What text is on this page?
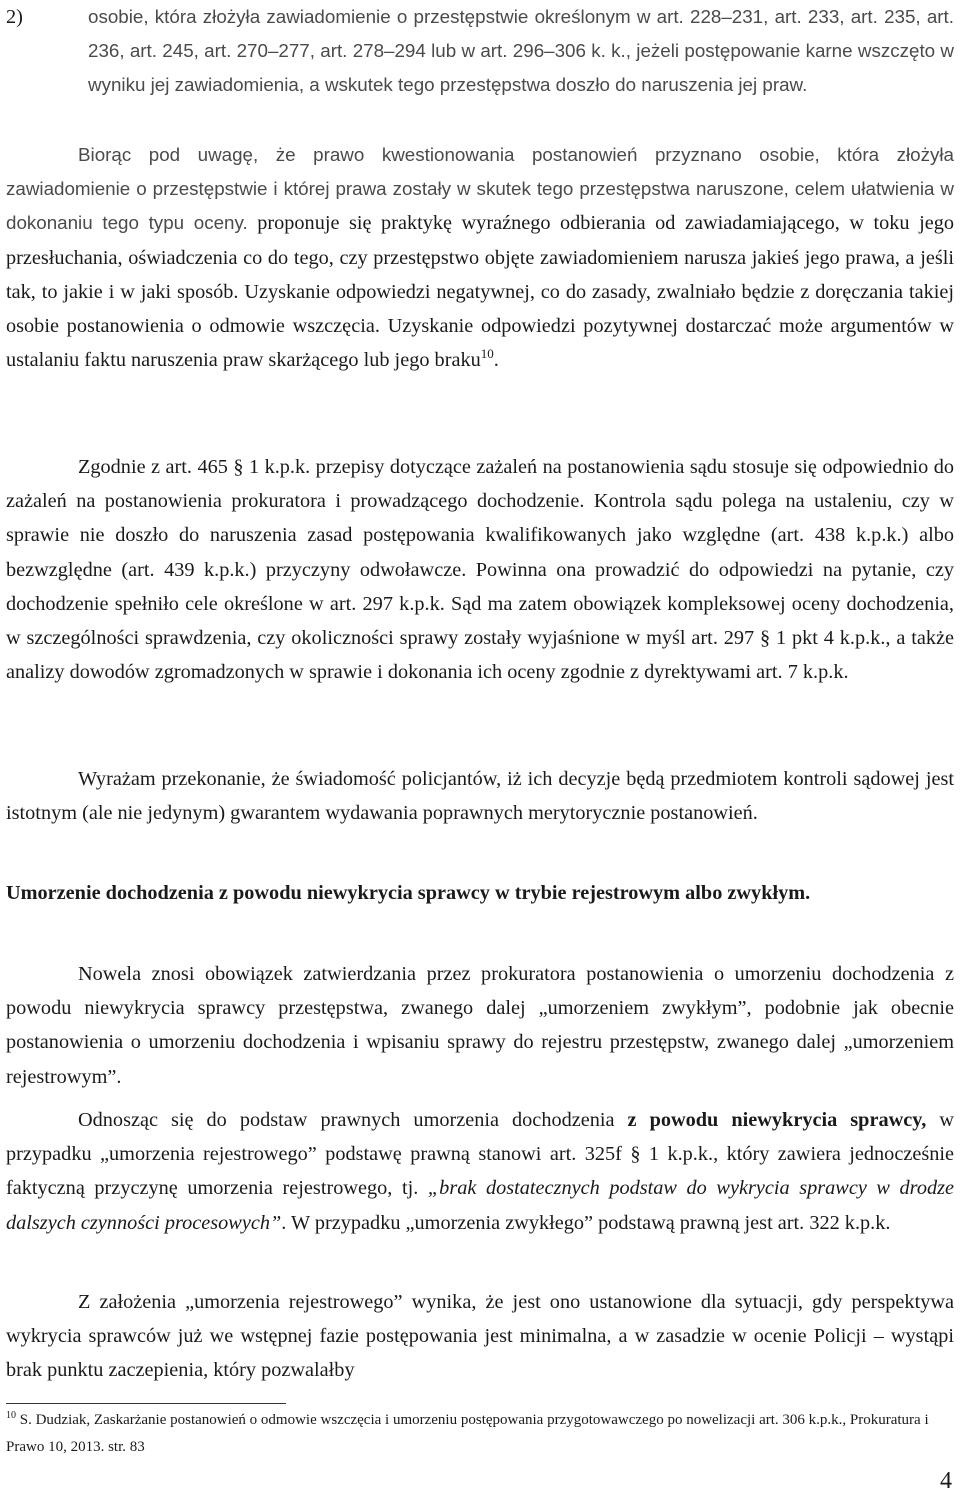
2)	osobie, która złożyła zawiadomienie o przestępstwie określonym w art. 228–231, art. 233, art. 235, art. 236, art. 245, art. 270–277, art. 278–294 lub w art. 296–306 k. k., jeżeli postępowanie karne wszczęto w wyniku jej zawiadomienia, a wskutek tego przestępstwa doszło do naruszenia jej praw.

Biorąc pod uwagę, że prawo kwestionowania postanowień przyznano osobie, która złożyła zawiadomienie o przestępstwie i której prawa zostały w skutek tego przestępstwa naruszone, celem ułatwienia w dokonaniu tego typu oceny. proponuje się praktykę wyraźnego odbierania od zawiadamiającego, w toku jego przesłuchania, oświadczenia co do tego, czy przestępstwo objęte zawiadomieniem narusza jakieś jego prawa, a jeśli tak, to jakie i w jaki sposób. Uzyskanie odpowiedzi negatywnej, co do zasady, zwalniało będzie z doręczania takiej osobie postanowienia o odmowie wszczęcia. Uzyskanie odpowiedzi pozytywnej dostarczać może argumentów w ustalaniu faktu naruszenia praw skarżącego lub jego braku$^{10}$.

Zgodnie z art. 465 § 1 k.p.k. przepisy dotyczące zażaleń na postanowienia sądu stosuje się odpowiednio do zażaleń na postanowienia prokuratora i prowadzącego dochodzenie. Kontrola sądu polega na ustaleniu, czy w sprawie nie doszło do naruszenia zasad postępowania kwalifikowanych jako względne (art. 438 k.p.k.) albo bezwzględne (art. 439 k.p.k.) przyczyny odwoławcze. Powinna ona prowadzić do odpowiedzi na pytanie, czy dochodzenie spełniło cele określone w art. 297 k.p.k. Sąd ma zatem obowiązek kompleksowej oceny dochodzenia, w szczególności sprawdzenia, czy okoliczności sprawy zostały wyjaśnione w myśl art. 297 § 1 pkt 4 k.p.k., a także analizy dowodów zgromadzonych w sprawie i dokonania ich oceny zgodnie z dyrektywami art. 7 k.p.k.

Wyrażam przekonanie, że świadomość policjantów, iż ich decyzje będą przedmiotem kontroli sądowej jest istotnym (ale nie jedynym) gwarantem wydawania poprawnych merytorycznie postanowień.

Umorzenie dochodzenia z powodu niewykrycia sprawcy w trybie rejestrowym albo zwykłym.

Nowela znosi obowiązek zatwierdzania przez prokuratora postanowienia o umorzeniu dochodzenia z powodu niewykrycia sprawcy przestępstwa, zwanego dalej „umorzeniem zwykłym”, podobnie jak obecnie postanowienia o umorzeniu dochodzenia i wpisaniu sprawy do rejestru przestępstw, zwanego dalej „umorzeniem rejestrowym”.

Odnosząc się do podstaw prawnych umorzenia dochodzenia z powodu niewykrycia sprawcy, w przypadku „umorzenia rejestrowego” podstawę prawną stanowi art. 325f § 1 k.p.k., który zawiera jednocześnie faktyczną przyczynę umorzenia rejestrowego, tj. „brak dostatecznych podstaw do wykrycia sprawcy w drodze dalszych czynności procesowych”. W przypadku „umorzenia zwykłego” podstawą prawną jest art. 322 k.p.k.

Z założenia „umorzenia rejestrowego” wynika, że jest ono ustanowione dla sytuacji, gdy perspektywa wykrycia sprawców już we wstępnej fazie postępowania jest minimalna, a w zasadzie w ocenie Policji – wystąpi brak punktu zaczepienia, który pozwalałby

$^{10}$ S. Dudziak, Zaskarżanie postanowień o odmowie wszczęcia i umorzeniu postępowania przygotowawczego po nowelizacji art. 306 k.p.k., Prokuratura i Prawo 10, 2013. str. 83
4
